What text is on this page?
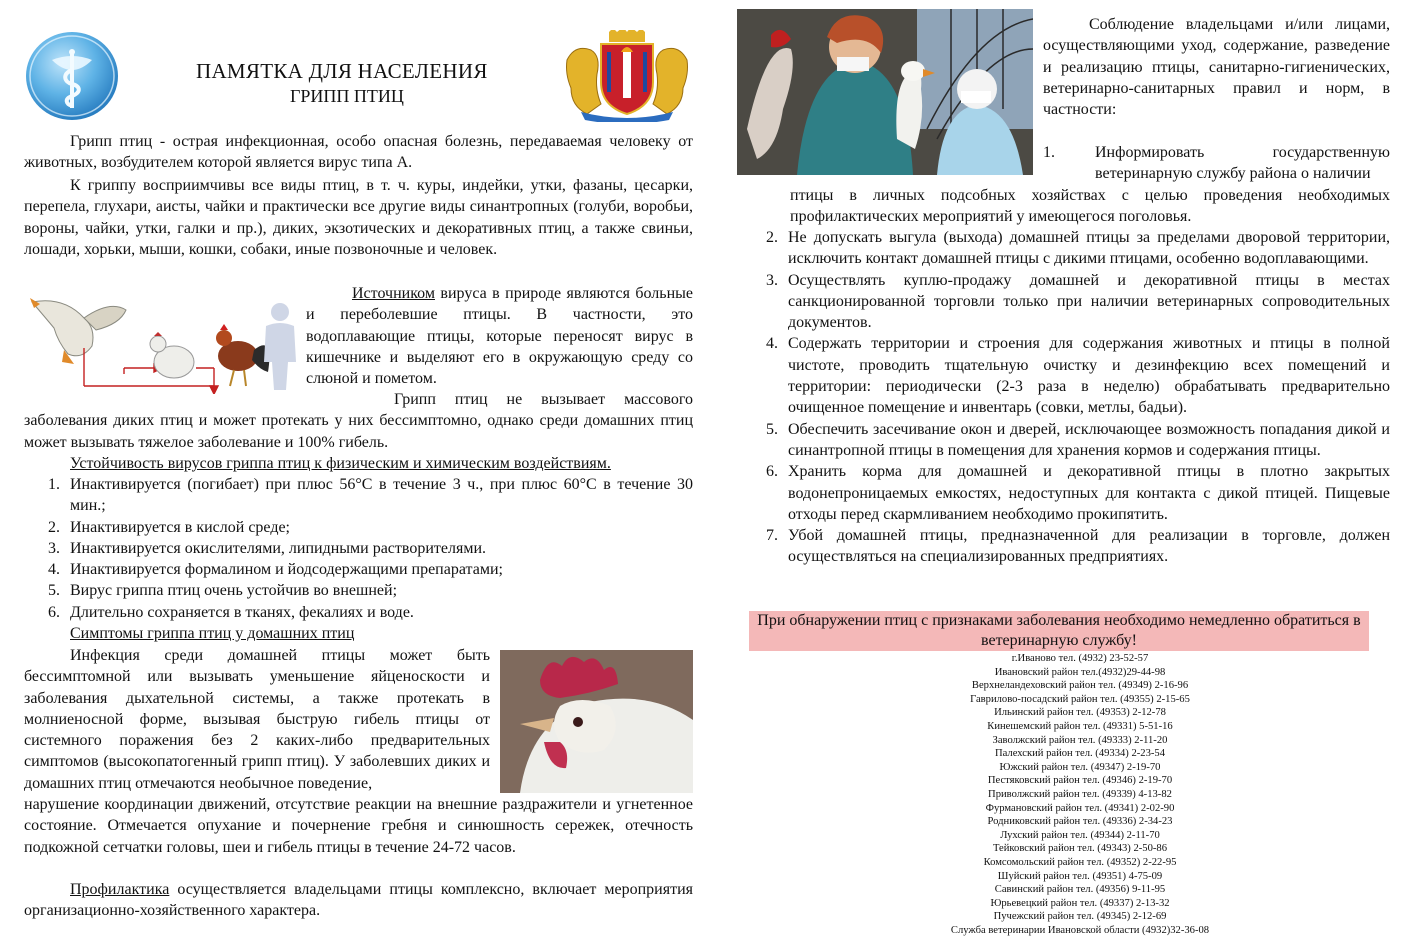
ПАМЯТКА ДЛЯ НАСЕЛЕНИЯ
ГРИПП ПТИЦ

Грипп птиц - острая инфекционная, особо опасная болезнь, передаваемая человеку от животных, возбудителем которой является вирус типа А.

К гриппу восприимчивы все виды птиц, в т. ч. куры, индейки, утки, фазаны, цесарки, перепела, глухари, аисты, чайки и практически все другие виды синантропных (голуби, воробьи, вороны, чайки, утки, галки и пр.), диких, экзотических и декоративных птиц, а также свиньи, лошади, хорьки, мыши, кошки, собаки, иные позвоночные и человек.

Источником вируса в природе являются больные и переболевшие птицы. В частности, это водоплавающие птицы, которые переносят вирус в кишечнике и выделяют его в окружающую среду со слюной и пометом.

Грипп птиц не вызывает массового заболевания диких птиц и может протекать у них бессимптомно, однако среди домашних птиц может вызывать тяжелое заболевание и 100% гибель.

Устойчивость вирусов гриппа птиц к физическим и химическим воздействиям.
1. Инактивируется (погибает) при плюс 56°С в течение 3 ч., при плюс 60°С в течение 30 мин.;
2. Инактивируется в кислой среде;
3. Инактивируется окислителями, липидными растворителями.
4. Инактивируется формалином и йодсодержащими препаратами;
5. Вирус гриппа птиц очень устойчив во внешней;
6. Длительно сохраняется в тканях, фекалиях и воде.
Симптомы гриппа птиц у домашних птиц

Инфекция среди домашней птицы может быть бессимптомной или вызывать уменьшение яйценоскости и заболевания дыхательной системы, а также протекать в молниеносной форме, вызывая быструю гибель птицы от системного поражения без 2 каких-либо предварительных симптомов (высокопатогенный грипп птиц). У заболевших диких и домашних птиц отмечаются необычное поведение,

нарушение координации движений, отсутствие реакции на внешние раздражители и угнетенное состояние. Отмечается опухание и почернение гребня и синюшность сережек, отечность подкожной сетчатки головы, шеи и гибель птицы в течение 24-72 часов.

Профилактика осуществляется владельцами птицы комплексно, включает мероприятия организационно-хозяйственного характера.

Соблюдение владельцами и/или лицами, осуществляющими уход, содержание, разведение и реализацию птицы, санитарно-гигиенических, ветеринарно-санитарных правил и норм, в частности:

1.	Информировать государственную ветеринарную службу района о наличии

птицы в личных подсобных хозяйствах с целью проведения необходимых профилактических мероприятий у имеющегося поголовья.

2. Не допускать выгула (выхода) домашней птицы за пределами дворовой территории, исключить контакт домашней птицы с дикими птицами, особенно водоплавающими.
3. Осуществлять куплю-продажу домашней и декоративной птицы в местах санкционированной торговли только при наличии ветеринарных сопроводительных документов.
4. Содержать территории и строения для содержания животных и птицы в полной чистоте, проводить тщательную очистку и дезинфекцию всех помещений и территории: периодически (2-3 раза в неделю) обрабатывать предварительно очищенное помещение и инвентарь (совки, метлы, бадьи).
5. Обеспечить засечивание окон и дверей, исключающее возможность попадания дикой и синантропной птицы в помещения для хранения кормов и содержания птицы.
6. Хранить корма для домашней и декоративной птицы в плотно закрытых водонепроницаемых емкостях, недоступных для контакта с дикой птицей. Пищевые отходы перед скармливанием необходимо прокипятить.
7. Убой домашней птицы, предназначенной для реализации в торговле, должен осуществляться на специализированных предприятиях.
При обнаружении птиц с признаками заболевания необходимо немедленно обратиться в ветеринарную службу!
г.Иваново тел. (4932) 23-52-57
Ивановский район тел.(4932)29-44-98
Верхнеландеховский район тел. (49349) 2-16-96
Гаврилово-посадский район тел. (49355) 2-15-65
Ильинский район тел. (49353) 2-12-78
Кинешемский район тел. (49331) 5-51-16
Заволжский район тел. (49333) 2-11-20
Палехский район тел. (49334) 2-23-54
Южский район тел. (49347) 2-19-70
Пестяковский район тел. (49346) 2-19-70
Приволжский район тел. (49339) 4-13-82
Фурмановский район тел. (49341) 2-02-90
Родниковский район тел. (49336) 2-34-23
Лухский район тел. (49344) 2-11-70
Тейковский район тел. (49343) 2-50-86
Комсомольский район тел. (49352) 2-22-95
Шуйский район тел. (49351) 4-75-09
Савинский район тел. (49356) 9-11-95
Юрьевецкий район тел. (49337) 2-13-32
Пучежский район тел. (49345) 2-12-69
Служба ветеринарии Ивановской области (4932)32-36-08
